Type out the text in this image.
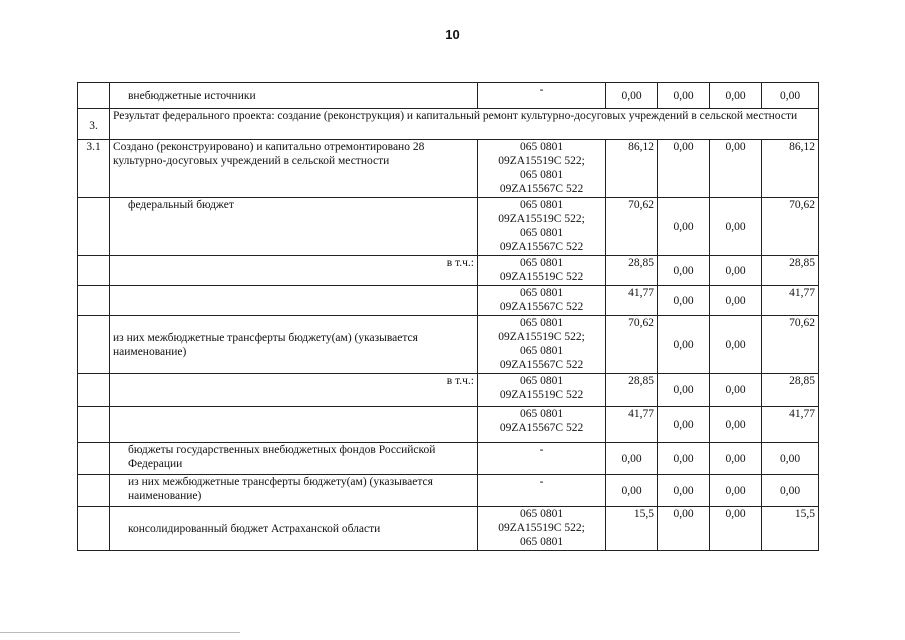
10
	внебюджетные источники	-	0,00	0,00	0,00	0,00
3.	Результат федерального проекта: создание (реконструкция) и капитальный ремонт культурно-досуговых учреждений в сельской местности					
3.1	Создано (реконструировано) и капитально отремонтировано 28 культурно-досуговых учреждений в сельской местности	065 0801
09ZA15519C 522;
065 0801
09ZA15567C 522	86,12	0,00	0,00	86,12
	федеральный бюджет	065 0801
09ZA15519C 522;
065 0801
09ZA15567C 522	70,62	0,00	0,00	70,62
	в т.ч.:	065 0801
09ZA15519C 522	28,85	0,00	0,00	28,85
		065 0801
09ZA15567C 522	41,77	0,00	0,00	41,77
	из них межбюджетные трансферты бюджету(ам) (указывается наименование)	065 0801
09ZA15519C 522;
065 0801
09ZA15567C 522	70,62	0,00	0,00	70,62
	в т.ч.:	065 0801
09ZA15519C 522	28,85	0,00	0,00	28,85
		065 0801
09ZA15567C 522	41,77	0,00	0,00	41,77
	бюджеты государственных внебюджетных фондов Российской Федерации	-	0,00	0,00	0,00	0,00
	из них межбюджетные трансферты бюджету(ам) (указывается наименование)	-	0,00	0,00	0,00	0,00
	консолидированный бюджет Астраханской области	065 0801
09ZA15519C 522;
065 0801	15,5	0,00	0,00	15,5
